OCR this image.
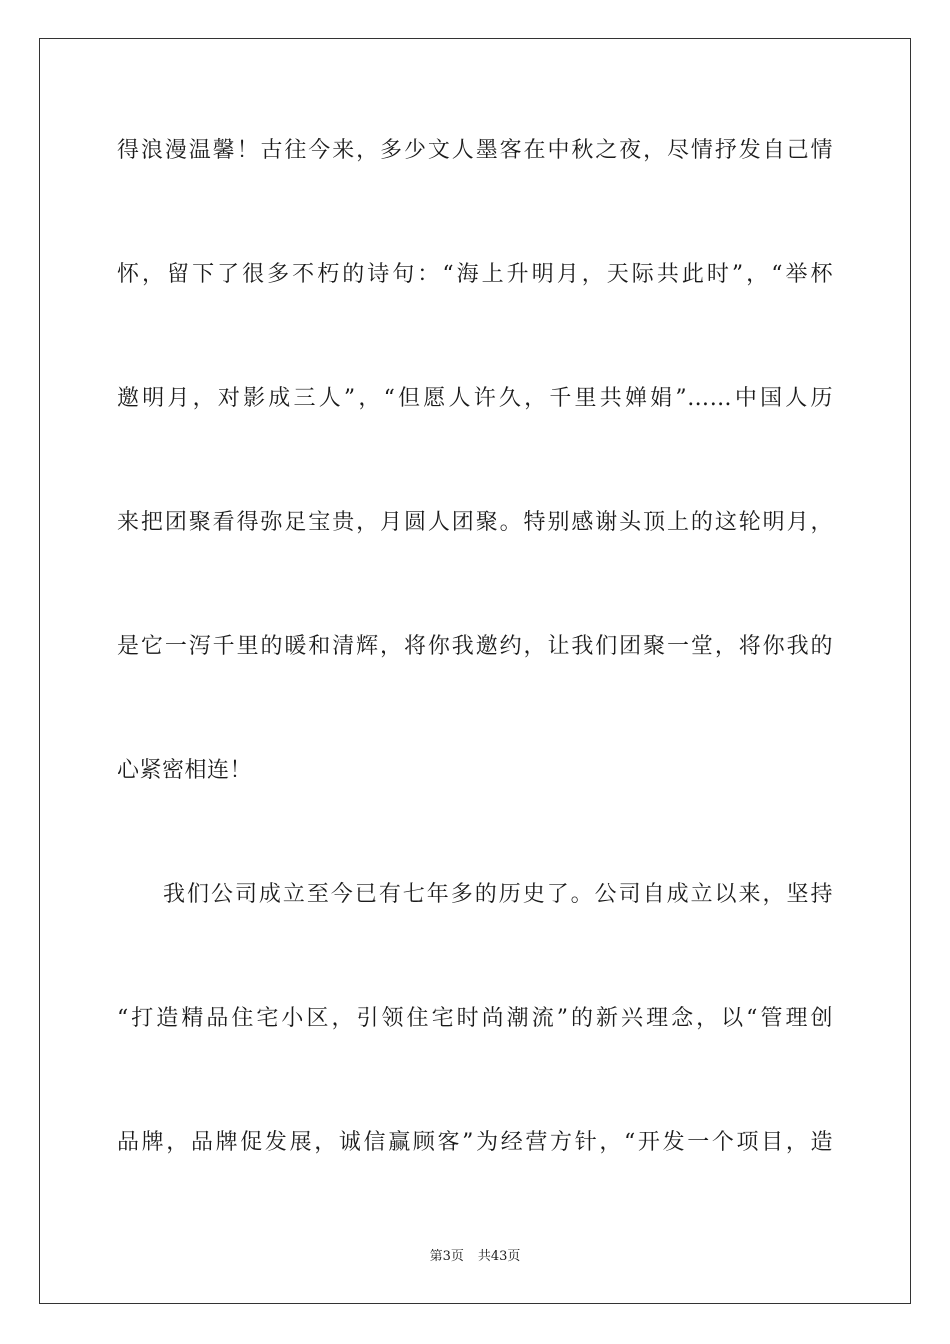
得浪漫温馨！古往今来，多少文人墨客在中秋之夜，尽情抒发自己情
怀，留下了很多不朽的诗句：“海上升明月，天际共此时”，“举杯
邀明月，对影成三人”，“但愿人许久，千里共婵娟”……中国人历
来把团聚看得弥足宝贵，月圆人团聚。特别感谢头顶上的这轮明月，
是它一泻千里的暖和清辉，将你我邀约，让我们团聚一堂，将你我的
心紧密相连！
我们公司成立至今已有七年多的历史了。公司自成立以来，坚持
“打造精品住宅小区，引领住宅时尚潮流”的新兴理念，以“管理创
品牌，品牌促发展，诚信赢顾客”为经营方针，“开发一个项目，造
第3页 共43页
